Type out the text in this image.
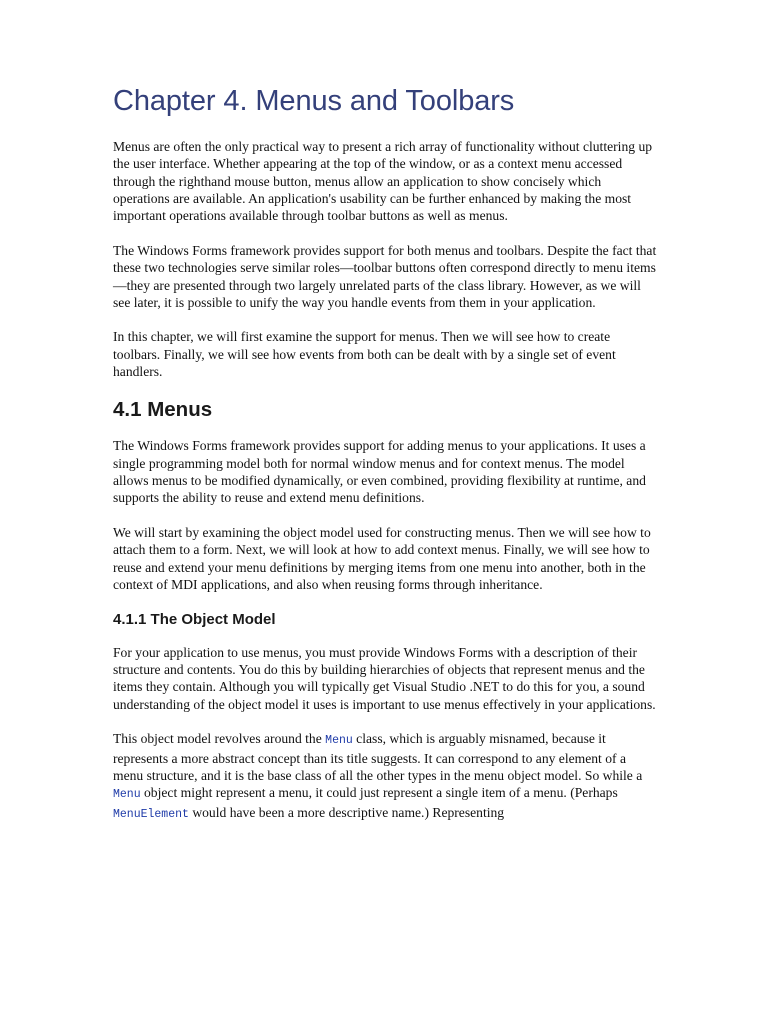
Chapter 4. Menus and Toolbars

Menus are often the only practical way to present a rich array of functionality without cluttering up the user interface. Whether appearing at the top of the window, or as a context menu accessed through the righthand mouse button, menus allow an application to show concisely which operations are available. An application's usability can be further enhanced by making the most important operations available through toolbar buttons as well as menus.

The Windows Forms framework provides support for both menus and toolbars. Despite the fact that these two technologies serve similar roles—toolbar buttons often correspond directly to menu items—they are presented through two largely unrelated parts of the class library. However, as we will see later, it is possible to unify the way you handle events from them in your application.

In this chapter, we will first examine the support for menus. Then we will see how to create toolbars. Finally, we will see how events from both can be dealt with by a single set of event handlers.

4.1 Menus

The Windows Forms framework provides support for adding menus to your applications. It uses a single programming model both for normal window menus and for context menus. The model allows menus to be modified dynamically, or even combined, providing flexibility at runtime, and supports the ability to reuse and extend menu definitions.

We will start by examining the object model used for constructing menus. Then we will see how to attach them to a form. Next, we will look at how to add context menus. Finally, we will see how to reuse and extend your menu definitions by merging items from one menu into another, both in the context of MDI applications, and also when reusing forms through inheritance.

4.1.1 The Object Model

For your application to use menus, you must provide Windows Forms with a description of their structure and contents. You do this by building hierarchies of objects that represent menus and the items they contain. Although you will typically get Visual Studio .NET to do this for you, a sound understanding of the object model it uses is important to use menus effectively in your applications.

This object model revolves around the Menu class, which is arguably misnamed, because it represents a more abstract concept than its title suggests. It can correspond to any element of a menu structure, and it is the base class of all the other types in the menu object model. So while a Menu object might represent a menu, it could just represent a single item of a menu. (Perhaps MenuElement would have been a more descriptive name.) Representing
